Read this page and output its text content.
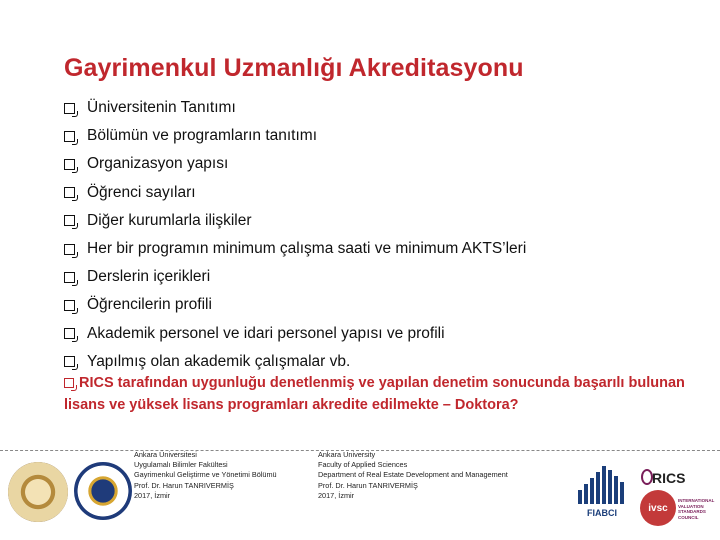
Gayrimenkul Uzmanlığı Akreditasyonu
Üniversitenin Tanıtımı
Bölümün ve programların tanıtımı
Organizasyon yapısı
Öğrenci sayıları
Diğer kurumlarla ilişkiler
Her bir programın minimum çalışma saati ve minimum AKTS’leri
Derslerin içerikleri
Öğrencilerin profili
Akademik personel ve idari personel yapısı ve profili
Yapılmış olan akademik çalışmalar vb.
RICS tarafından uygunluğu denetlenmiş ve yapılan denetim sonucunda başarılı bulunan lisans ve yüksek lisans programları akredite edilmekte – Doktora?
Ankara Üniversitesi
Uygulamalı Bilimler Fakültesi
Gayrimenkul Geliştirme ve Yönetimi Bölümü
Prof. Dr. Harun TANRIVERMİŞ
2017, İzmir
Ankara University
Faculty of Applied Sciences
Department of Real Estate Development and Management
Prof. Dr. Harun TANRIVERMİŞ
2017, İzmir
FIABCI
RICS
ivsc
INTERNATIONAL VALUATION STANDARDS COUNCIL
